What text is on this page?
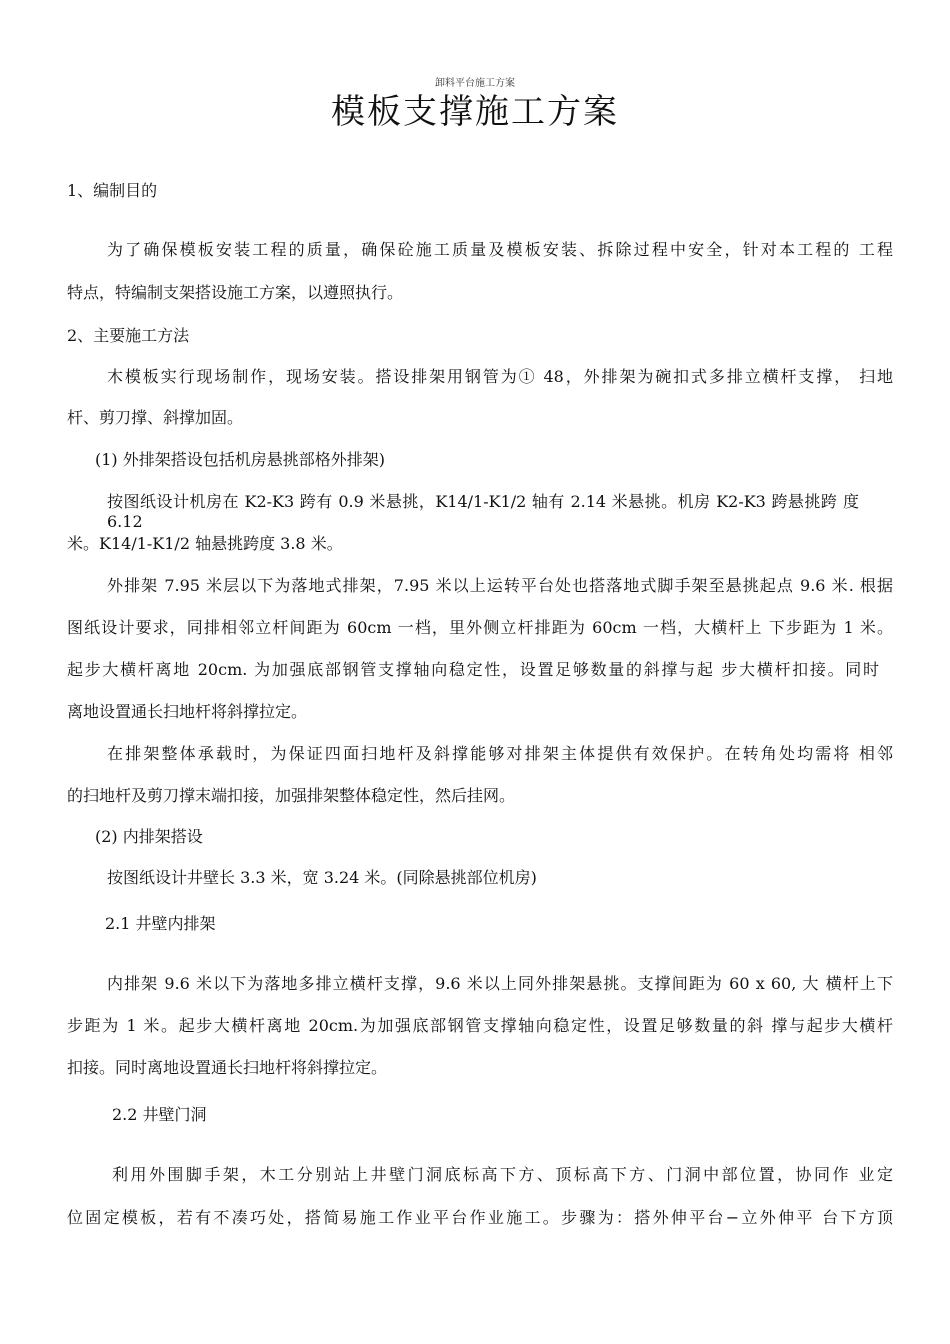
卸料平台施工方案
模板支撑施工方案
1、编制目的
为了确保模板安装工程的质量，确保砼施工质量及模板安装、拆除过程中安全，针对本工程的 工程
特点，特编制支架搭设施工方案，以遵照执行。
2、主要施工方法
木模板实行现场制作，现场安装。搭设排架用钢管为① 48，外排架为碗扣式多排立横杆支撑， 扫地
杆、剪刀撑、斜撑加固。
(1) 外排架搭设包括机房悬挑部格外排架)
按图纸设计机房在 K2-K3 跨有 0.9 米悬挑，K14/1-K1/2 轴有 2.14 米悬挑。机房 K2-K3 跨悬挑跨 度 6.12
米。K14/1-K1/2 轴悬挑跨度 3.8 米。
外排架 7.95 米层以下为落地式排架，7.95 米以上运转平台处也搭落地式脚手架至悬挑起点 9.6 米. 根据
图纸设计要求，同排相邻立杆间距为 60cm 一档，里外侧立杆排距为 60cm 一档，大横杆上 下步距为 1 米。
起步大横杆离地 20cm. 为加强底部钢管支撑轴向稳定性，设置足够数量的斜撑与起 步大横杆扣接。同时
离地设置通长扫地杆将斜撑拉定。
在排架整体承载时，为保证四面扫地杆及斜撑能够对排架主体提供有效保护。在转角处均需将 相邻
的扫地杆及剪刀撑末端扣接，加强排架整体稳定性，然后挂网。
(2) 内排架搭设
按图纸设计井壁长 3.3 米，宽 3.24 米。(同除悬挑部位机房)
2.1 井壁内排架
内排架 9.6 米以下为落地多排立横杆支撑，9.6 米以上同外排架悬挑。支撑间距为 60 x 60, 大 横杆上下
步距为 1 米。起步大横杆离地 20cm.为加强底部钢管支撑轴向稳定性，设置足够数量的斜 撑与起步大横杆
扣接。同时离地设置通长扫地杆将斜撑拉定。
2.2 井壁门洞
利用外围脚手架，木工分别站上井壁门洞底标高下方、顶标高下方、门洞中部位置，协同作 业定
位固定模板，若有不凑巧处，搭简易施工作业平台作业施工。步骤为：搭外伸平台−立外伸平 台下方顶
